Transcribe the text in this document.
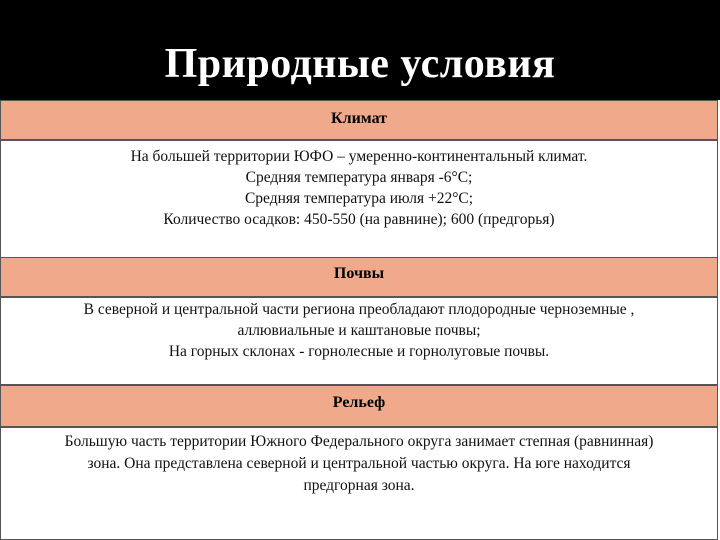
Природные условия
Климат
На большей территории ЮФО – умеренно-континентальный климат.
Средняя температура января -6°С;
Средняя температура июля +22°С;
Количество осадков: 450-550 (на равнине); 600 (предгорья)
Почвы
В северной и центральной части региона преобладают плодородные черноземные ,
аллювиальные и каштановые почвы;
На горных склонах - горнолесные и горнолуговые почвы.
Рельеф
Большую часть территории Южного Федерального округа занимает степная (равнинная)
зона. Она представлена северной и центральной частью округа. На юге находится
предгорная зона.
